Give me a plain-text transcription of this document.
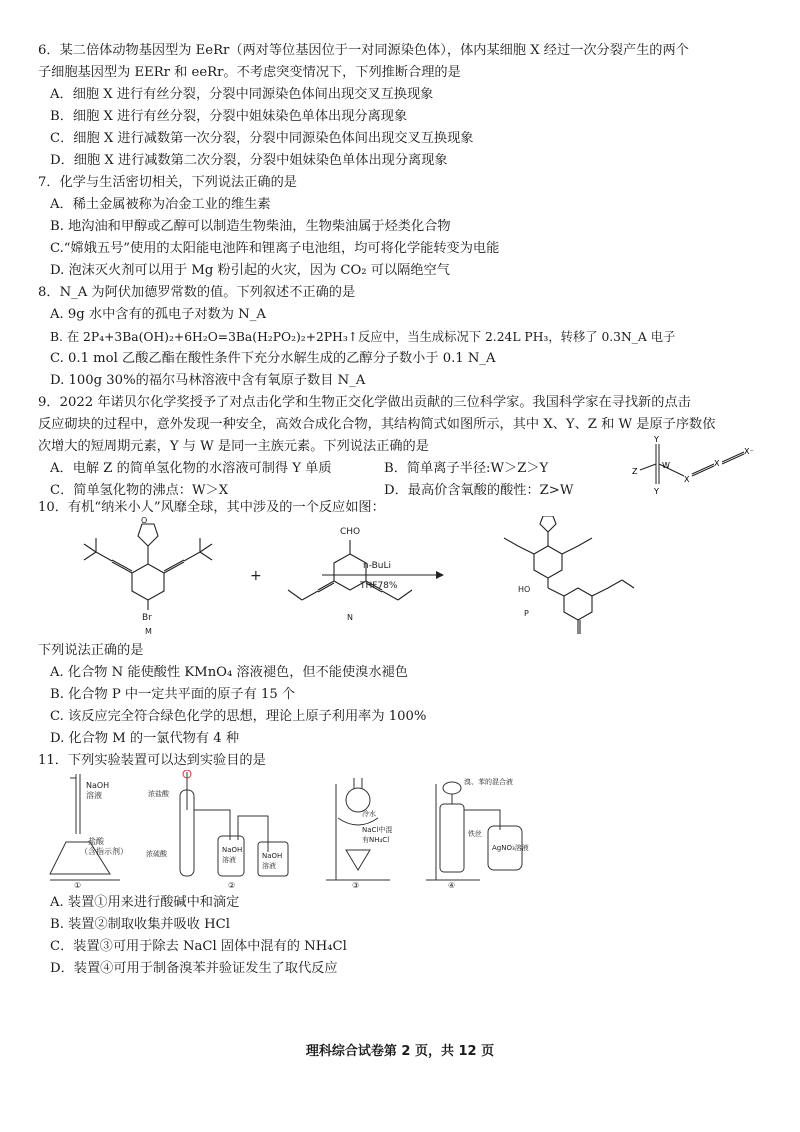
6．某二倍体动物基因型为 EeRr（两对等位基因位于一对同源染色体），体内某细胞 X 经过一次分裂产生的两个
子细胞基因型为 EERr 和 eeRr。不考虑突变情况下，下列推断合理的是
A．细胞 X 进行有丝分裂，分裂中同源染色体间出现交叉互换现象
B．细胞 X 进行有丝分裂，分裂中姐妹染色单体出现分离现象
C．细胞 X 进行减数第一次分裂，分裂中同源染色体间出现交叉互换现象
D．细胞 X 进行减数第二次分裂，分裂中姐妹染色单体出现分离现象
7．化学与生活密切相关，下列说法正确的是
A．稀土金属被称为冶金工业的维生素
B. 地沟油和甲醇或乙醇可以制造生物柴油，生物柴油属于烃类化合物
C.“嫦娥五号”使用的太阳能电池阵和锂离子电池组，均可将化学能转变为电能
D. 泡沫灭火剂可以用于 Mg 粉引起的火灾，因为 CO₂ 可以隔绝空气
8．N_A 为阿伏加德罗常数的值。下列叙述不正确的是
A. 9g 水中含有的孤电子对数为 N_A
B. 在 2P₄+3Ba(OH)₂+6H₂O=3Ba(H₂PO₂)₂+2PH₃↑反应中，当生成标况下 2.24L PH₃，转移了 0.3N_A 电子
C. 0.1 mol 乙酸乙酯在酸性条件下充分水解生成的乙醇分子数小于 0.1 N_A
D. 100g 30%的福尔马林溶液中含有氧原子数目 N_A
9．2022 年诺贝尔化学奖授予了对点击化学和生物正交化学做出贡献的三位科学家。我国科学家在寻找新的点击
反应砌块的过程中，意外发现一种安全，高效合成化合物，其结构简式如图所示，其中 X、Y、Z 和 W 是原子序数依
次增大的短周期元素，Y 与 W 是同一主族元素。下列说法正确的是
A．电解 Z 的简单氢化物的水溶液可制得 Y 单质	B．简单离子半径:W＞Z＞Y
C．简单氢化物的沸点：W＞X	D．最高价含氧酸的酸性：Z>W
Y
Y
W
Z
X
X
X⁻
10．有机“纳米小人”风靡全球，其中涉及的一个反应如图：
O
Br
M
+
CHO
N
n-BuLi
THF78%	HO
P
下列说法正确的是
A. 化合物 N 能使酸性 KMnO₄ 溶液褪色，但不能使溴水褪色
B. 化合物 P 中一定共平面的原子有 15 个
C. 该反应完全符合绿色化学的思想，理论上原子利用率为 100%
D. 化合物 M 的一氯代物有 4 种
11．下列实验装置可以达到实验目的是
NaOH
溶液
盐酸
（含指示剂）
①
浓盐酸
浓硫酸	NaOH
溶液	NaOH
溶液
②
冷水
NaCl中混
有NH₄Cl
③
溴、苯的混合液
铁丝
AgNO₃溶液
④
A. 装置①用来进行酸碱中和滴定
B. 装置②制取收集并吸收 HCl
C．装置③可用于除去 NaCl 固体中混有的 NH₄Cl
D．装置④可用于制备溴苯并验证发生了取代反应
理科综合试卷第 2 页，共 12 页
